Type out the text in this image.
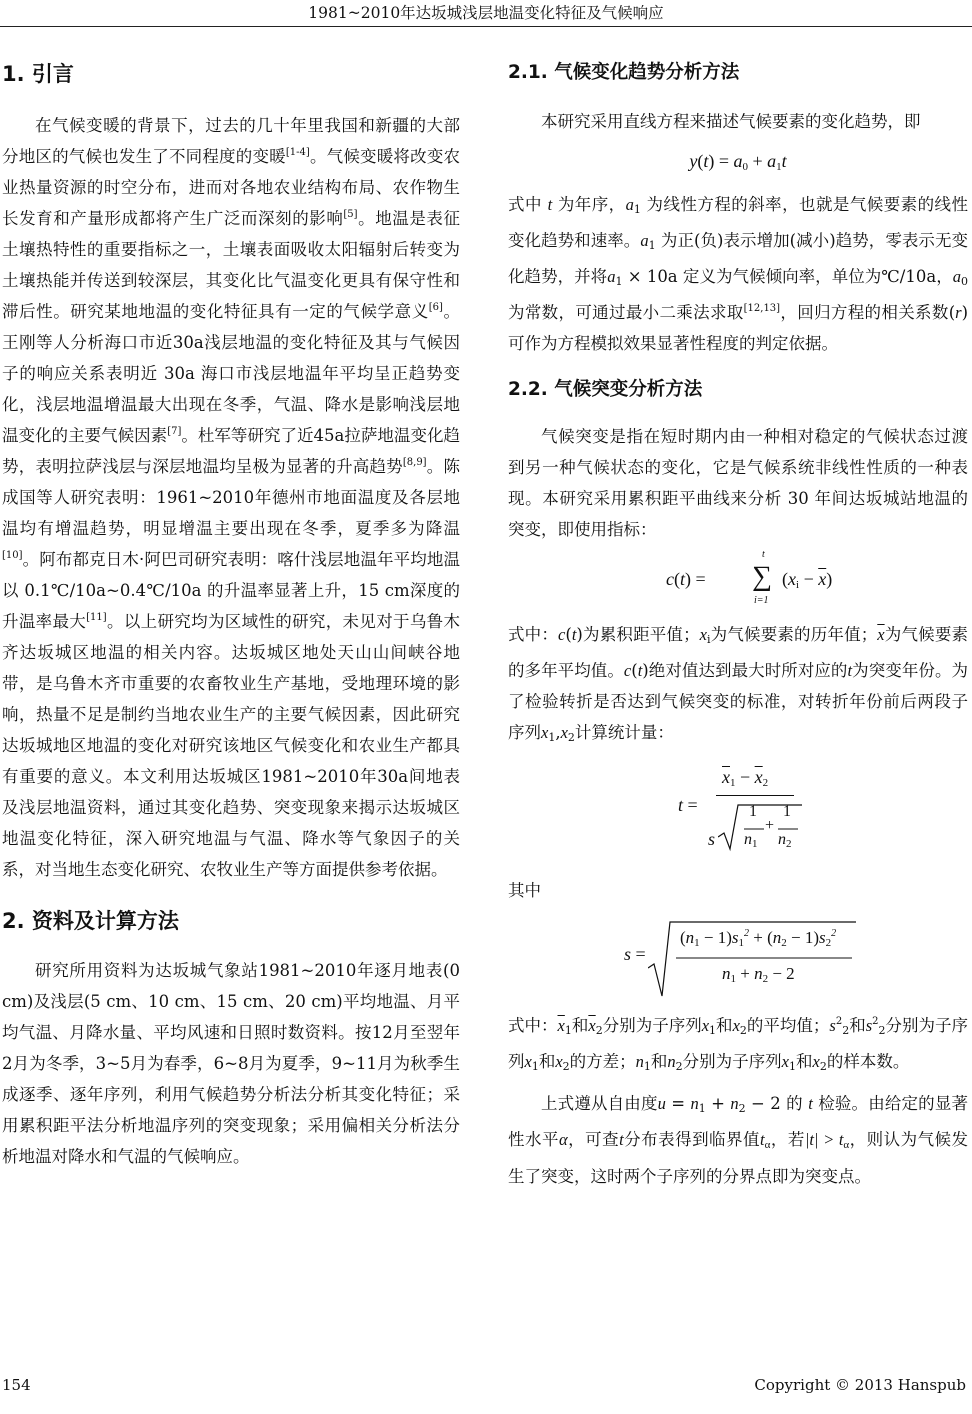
1981~2010年达坂城浅层地温变化特征及气候响应
1. 引言

在气候变暖的背景下，过去的几十年里我国和新疆的大部分地区的气候也发生了不同程度的变暖[1-4]。气候变暖将改变农业热量资源的时空分布，进而对各地农业结构布局、农作物生长发育和产量形成都将产生广泛而深刻的影响[5]。地温是表征土壤热特性的重要指标之一，土壤表面吸收太阳辐射后转变为土壤热能并传送到较深层，其变化比气温变化更具有保守性和滞后性。研究某地地温的变化特征具有一定的气候学意义[6]。王刚等人分析海口市近30a浅层地温的变化特征及其与气候因子的响应关系表明近 30a 海口市浅层地温年平均呈正趋势变化，浅层地温增温最大出现在冬季，气温、降水是影响浅层地温变化的主要气候因素[7]。杜军等研究了近45a拉萨地温变化趋势，表明拉萨浅层与深层地温均呈极为显著的升高趋势[8,9]。陈成国等人研究表明：1961~2010年德州市地面温度及各层地温均有增温趋势，明显增温主要出现在冬季，夏季多为降温[10]。阿布都克日木·阿巴司研究表明：喀什浅层地温年平均地温以 0.1℃/10a~0.4℃/10a 的升温率显著上升，15 cm深度的升温率最大[11]。以上研究均为区域性的研究，未见对于乌鲁木齐达坂城区地温的相关内容。达坂城区地处天山山间峡谷地带，是乌鲁木齐市重要的农畜牧业生产基地，受地理环境的影响，热量不足是制约当地农业生产的主要气候因素，因此研究达坂城地区地温的变化对研究该地区气候变化和农业生产都具有重要的意义。本文利用达坂城区1981~2010年30a间地表及浅层地温资料，通过其变化趋势、突变现象来揭示达坂城区地温变化特征，深入研究地温与气温、降水等气象因子的关系，对当地生态变化研究、农牧业生产等方面提供参考依据。

2. 资料及计算方法

研究所用资料为达坂城气象站1981~2010年逐月地表(0 cm)及浅层(5 cm、10 cm、15 cm、20 cm)平均地温、月平均气温、月降水量、平均风速和日照时数资料。按12月至翌年2月为冬季，3~5月为春季，6~8月为夏季，9~11月为秋季生成逐季、逐年序列，利用气候趋势分析法分析其变化特征；采用累积距平法分析地温序列的突变现象；采用偏相关分析法分析地温对降水和气温的气候响应。

2.1. 气候变化趋势分析方法

本研究采用直线方程来描述气候要素的变化趋势，即

$y(t) = a_0 + a_1t$

式中 t 为年序，$a_1$ 为线性方程的斜率，也就是气候要素的线性变化趋势和速率。$a_1$ 为正(负)表示增加(减小)趋势，零表示无变化趋势，并将$a_1 \times 10a$ 定义为气候倾向率，单位为℃/10a，$a_0$ 为常数，可通过最小二乘法求取[12,13]，回归方程的相关系数(r)可作为方程模拟效果显著性程度的判定依据。

2.2. 气候突变分析方法

气候突变是指在短时期内由一种相对稳定的气候状态过渡到另一种气候状态的变化，它是气候系统非线性性质的一种表现。本研究采用累积距平曲线来分析 30 年间达坂城站地温的突变，即使用指标：

c(t) = ∑
t
i=1
$(x_i - \overline{x})$

式中：c(t)为累积距平值；$x_i$为气候要素的历年值；$\overline{x}$为气候要素的多年平均值。c(t)绝对值达到最大时所对应的t为突变年份。为了检验转折是否达到气候突变的标准，对转折年份前后两段子序列$x_1,x_2$计算统计量：

t =
$\overline{x}_1 - \overline{x}_2$
s
1 1
$n_1$ $n_2$
+

其中

s =
$(n_1 - 1)s_1^2 + (n_2 - 1)s_2^2$
$n_1 + n_2 - 2$

式中：$\overline{x}_1$和$\overline{x}_2$分别为子序列$x_1$和$x_2$的平均值；$s^2_2$和$s^2_2$分别为子序列$x_1$和$x_2$的方差；$n_1$和$n_2$分别为子序列$x_1$和$x_2$的样本数。

上式遵从自由度$u = n_1 + n_2 - 2$ 的 t 检验。由给定的显著性水平α，可查t分布表得到临界值$t_\alpha$，若$|t| > t_\alpha$，则认为气候发生了突变，这时两个子序列的分界点即为突变点。

154	Copyright © 2013 Hanspub
